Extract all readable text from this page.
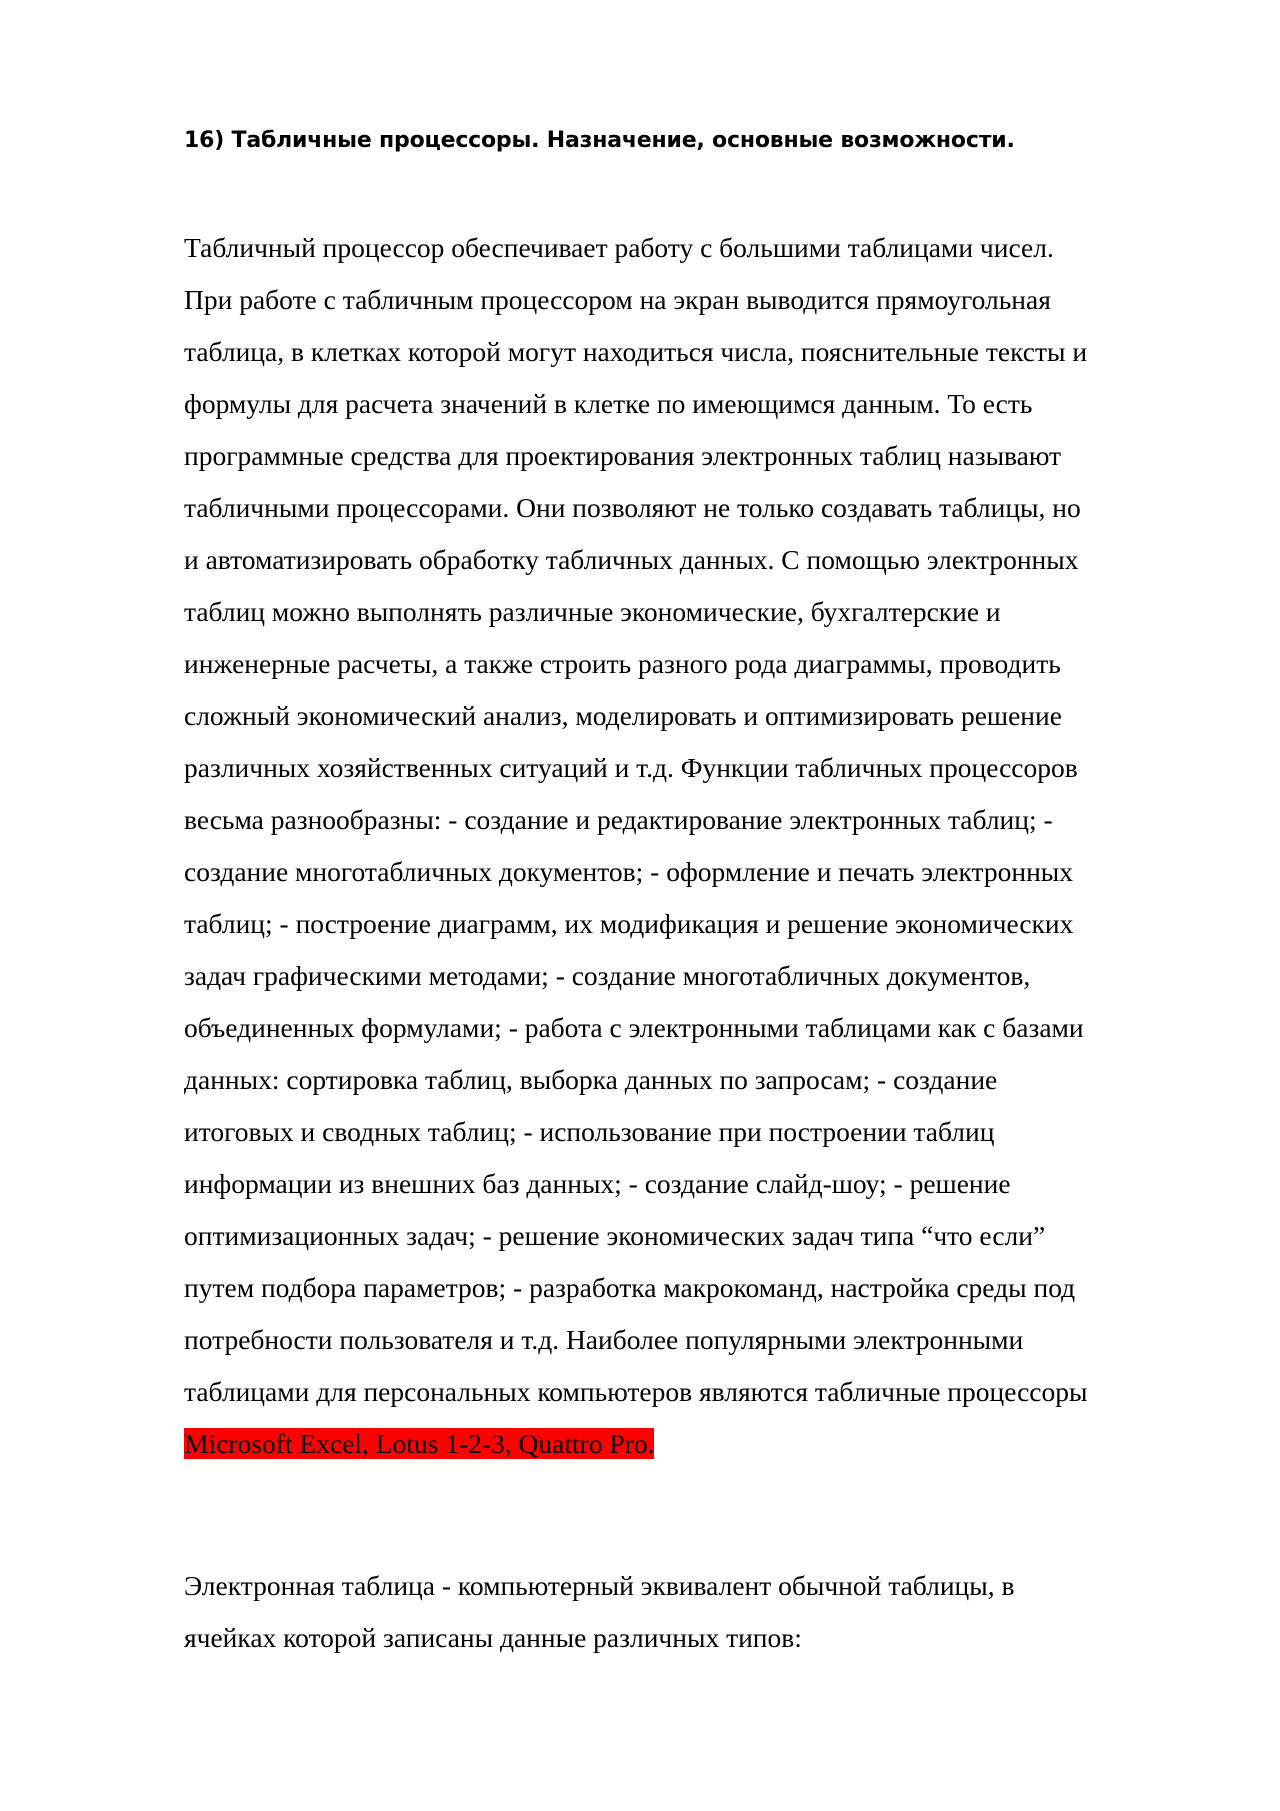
16) Табличные процессоры. Назначение, основные возможности.

Табличный процессор обеспечивает работу с большими таблицами чисел.
При работе с табличным процессором на экран выводится прямоугольная
таблица, в клетках которой могут находиться числа, пояснительные тексты и
формулы для расчета значений в клетке по имеющимся данным. То есть
программные средства для проектирования электронных таблиц называют
табличными процессорами. Они позволяют не только создавать таблицы, но
и автоматизировать обработку табличных данных. С помощью электронных
таблиц можно выполнять различные экономические, бухгалтерские и
инженерные расчеты, а также строить разного рода диаграммы, проводить
сложный экономический анализ, моделировать и оптимизировать решение
различных хозяйственных ситуаций и т.д. Функции табличных процессоров
весьма разнообразны: - создание и редактирование электронных таблиц; -
создание многотабличных документов; - оформление и печать электронных
таблиц; - построение диаграмм, их модификация и решение экономических
задач графическими методами; - создание многотабличных документов,
объединенных формулами; - работа с электронными таблицами как с базами
данных: сортировка таблиц, выборка данных по запросам; - создание
итоговых и сводных таблиц; - использование при построении таблиц
информации из внешних баз данных; - создание слайд-шоу; - решение
оптимизационных задач; - решение экономических задач типа “что если”
путем подбора параметров; - разработка макрокоманд, настройка среды под
потребности пользователя и т.д. Наиболее популярными электронными
таблицами для персональных компьютеров являются табличные процессоры
Microsoft Excel, Lotus 1-2-3, Quattro Pro.

Электронная таблица - компьютерный эквивалент обычной таблицы, в
ячейках которой записаны данные различных типов:
